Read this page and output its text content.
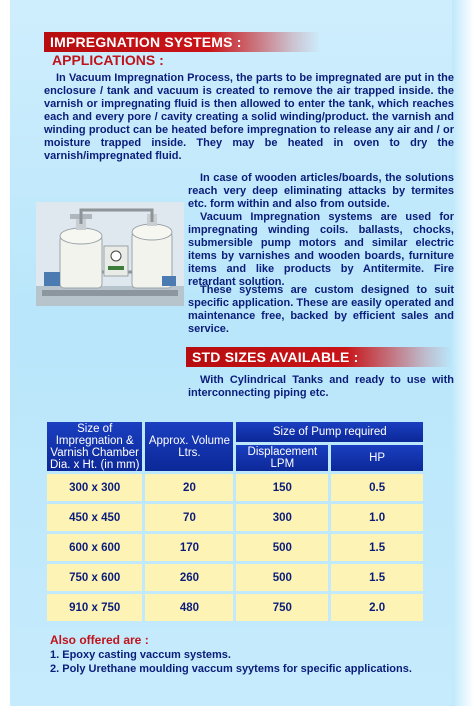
IMPREGNATION SYSTEMS :
APPLICATIONS :

In Vacuum Impregnation Process, the parts to be impregnated are put in the enclosure / tank and vacuum is created to remove the air trapped inside. the varnish or impregnating fluid is then allowed to enter the tank, which reaches each and every pore / cavity creating a solid winding/product. the varnish and winding product can be heated before impregnation to release any air and / or moisture trapped inside. They may be heated in oven to dry the varnish/impregnated fluid.

In case of wooden articles/boards, the solutions reach very deep eliminating attacks by termites etc. form within and also from outside.

Vacuum Impregnation systems are used for impregnating winding coils. ballasts, chocks, submersible pump motors and similar electric items by varnishes and wooden boards, furniture items and like products by Antitermite. Fire retardant solution.

These systems are custom designed to suit specific application. These are easily operated and maintenance free, backed by efficient sales and service.

STD SIZES AVAILABLE :

With Cylindrical Tanks and ready to use with interconnecting piping etc.

Size of Impregnation & Varnish Chamber Dia. x Ht. (in mm)	Approx. Volume Ltrs.	Size of Pump required	
		Displacement LPM	HP
300 x 300	20	150	0.5
450 x 450	70	300	1.0
600 x 600	170	500	1.5
750 x 600	260	500	1.5
910 x 750	480	750	2.0
Also offered are :
1. Epoxy casting vaccum systems.
2. Poly Urethane moulding vaccum syytems for specific applications.
